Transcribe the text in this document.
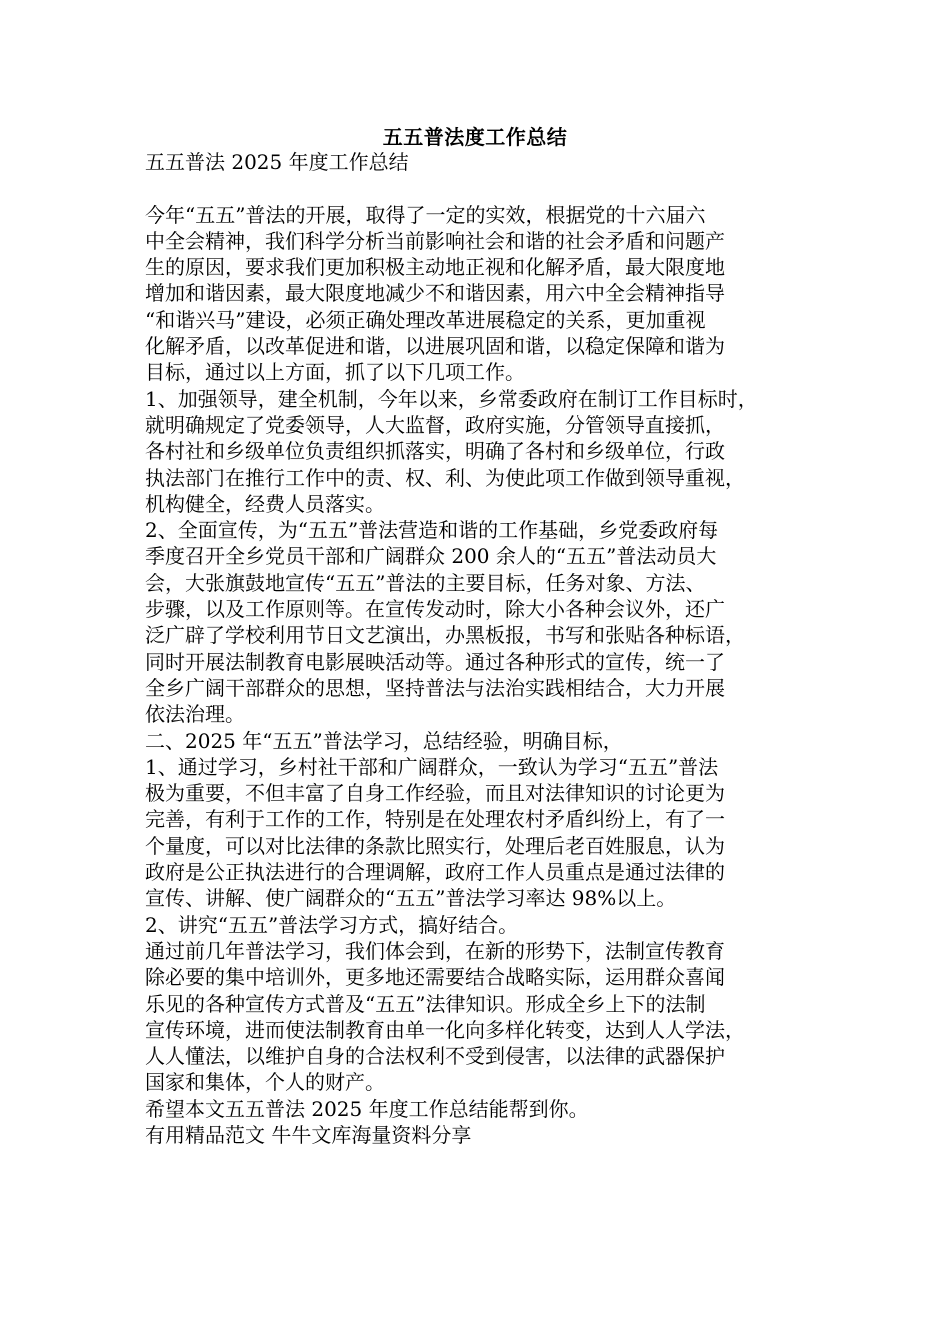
五五普法度工作总结
五五普法 2025 年度工作总结
今年“五五”普法的开展，取得了一定的实效，根据党的十六届六
中全会精神，我们科学分析当前影响社会和谐的社会矛盾和问题产
生的原因，要求我们更加积极主动地正视和化解矛盾，最大限度地
增加和谐因素，最大限度地减少不和谐因素，用六中全会精神指导
“和谐兴马”建设，必须正确处理改革进展稳定的关系，更加重视
化解矛盾，以改革促进和谐，以进展巩固和谐，以稳定保障和谐为
目标，通过以上方面，抓了以下几项工作。
1、加强领导，建全机制，今年以来，乡常委政府在制订工作目标时，
就明确规定了党委领导，人大监督，政府实施，分管领导直接抓，
各村社和乡级单位负责组织抓落实，明确了各村和乡级单位，行政
执法部门在推行工作中的责、权、利、为使此项工作做到领导重视，
机构健全，经费人员落实。
2、全面宣传，为“五五”普法营造和谐的工作基础，乡党委政府每
季度召开全乡党员干部和广阔群众 200 余人的“五五”普法动员大
会，大张旗鼓地宣传“五五”普法的主要目标，任务对象、方法、
步骤，以及工作原则等。在宣传发动时，除大小各种会议外，还广
泛广辟了学校利用节日文艺演出，办黑板报，书写和张贴各种标语，
同时开展法制教育电影展映活动等。通过各种形式的宣传，统一了
全乡广阔干部群众的思想，坚持普法与法治实践相结合，大力开展
依法治理。
二、2025 年“五五”普法学习，总结经验，明确目标，
1、通过学习，乡村社干部和广阔群众，一致认为学习“五五”普法
极为重要，不但丰富了自身工作经验，而且对法律知识的讨论更为
完善，有利于工作的工作，特别是在处理农村矛盾纠纷上，有了一
个量度，可以对比法律的条款比照实行，处理后老百姓服息，认为
政府是公正执法进行的合理调解，政府工作人员重点是通过法律的
宣传、讲解、使广阔群众的“五五”普法学习率达 98%以上。
2、讲究“五五”普法学习方式，搞好结合。
通过前几年普法学习，我们体会到，在新的形势下，法制宣传教育
除必要的集中培训外，更多地还需要结合战略实际，运用群众喜闻
乐见的各种宣传方式普及“五五”法律知识。形成全乡上下的法制
宣传环境，进而使法制教育由单一化向多样化转变，达到人人学法，
人人懂法，以维护自身的合法权利不受到侵害，以法律的武器保护
国家和集体，个人的财产。
希望本文五五普法 2025 年度工作总结能帮到你。
有用精品范文 牛牛文库海量资料分享
